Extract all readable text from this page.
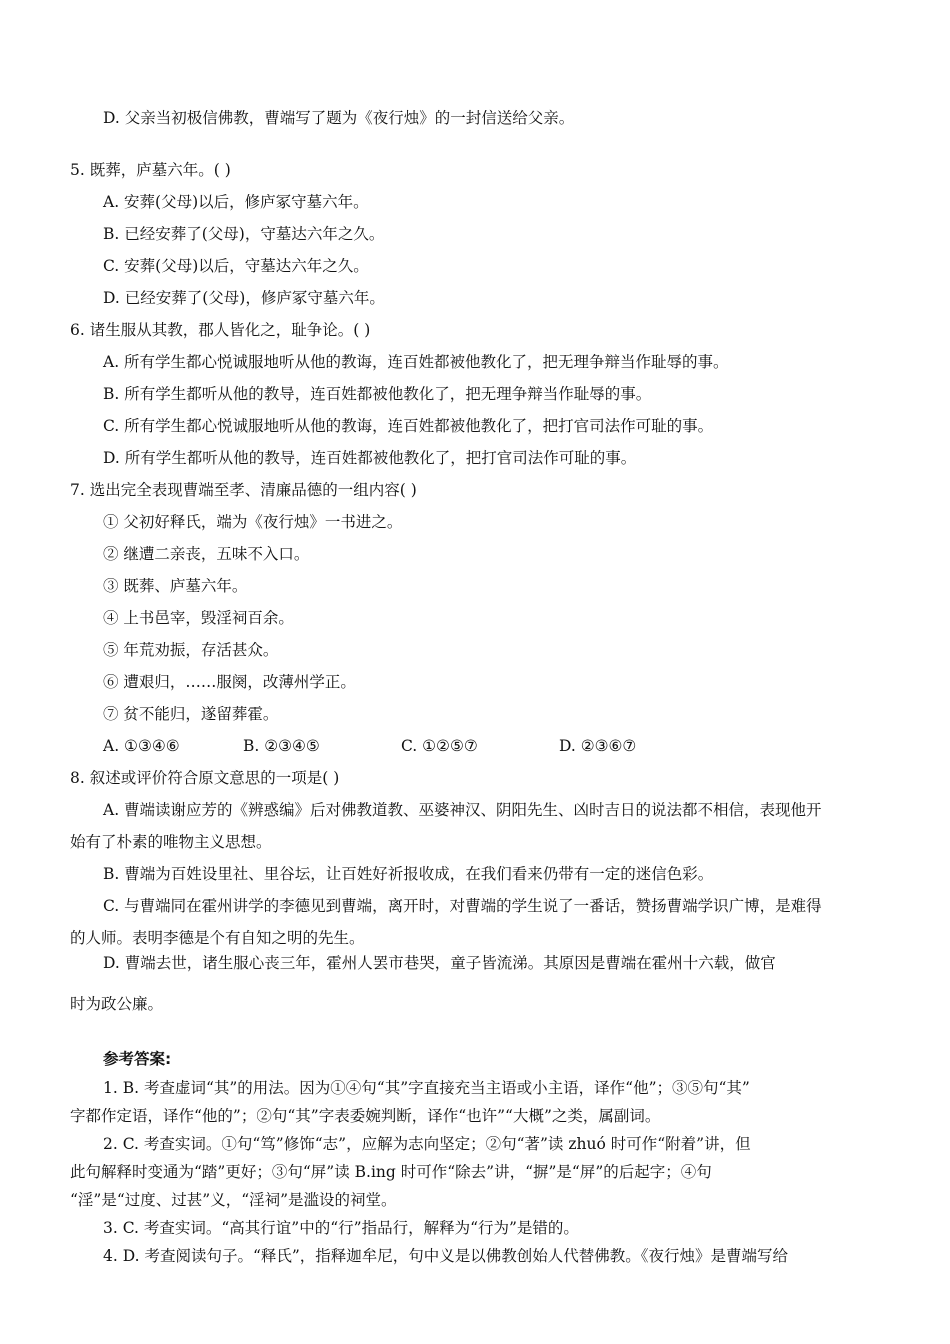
D. 父亲当初极信佛教，曹端写了题为《夜行烛》的一封信送给父亲。
5. 既葬，庐墓六年。( )
A. 安葬(父母)以后，修庐冢守墓六年。
B. 已经安葬了(父母)，守墓达六年之久。
C. 安葬(父母)以后，守墓达六年之久。
D. 已经安葬了(父母)，修庐冢守墓六年。
6. 诸生服从其教，郡人皆化之，耻争论。( )
A. 所有学生都心悦诚服地听从他的教诲，连百姓都被他教化了，把无理争辩当作耻辱的事。
B. 所有学生都听从他的教导，连百姓都被他教化了，把无理争辩当作耻辱的事。
C. 所有学生都心悦诚服地听从他的教诲，连百姓都被他教化了，把打官司法作可耻的事。
D. 所有学生都听从他的教导，连百姓都被他教化了，把打官司法作可耻的事。
7. 选出完全表现曹端至孝、清廉品德的一组内容( )
① 父初好释氏，端为《夜行烛》一书进之。
② 继遭二亲丧，五味不入口。
③ 既葬、庐墓六年。
④ 上书邑宰，毁淫祠百余。
⑤ 年荒劝振，存活甚众。
⑥ 遭艰归，……服阕，改薄州学正。
⑦ 贫不能归，遂留葬霍。
A. ①③④⑥	B. ②③④⑤	C. ①②⑤⑦	D. ②③⑥⑦
8. 叙述或评价符合原文意思的一项是( )
A. 曹端读谢应芳的《辨惑编》后对佛教道教、巫婆神汉、阴阳先生、凶时吉日的说法都不相信，表现他开
始有了朴素的唯物主义思想。
B. 曹端为百姓设里社、里谷坛，让百姓好祈报收成，在我们看来仍带有一定的迷信色彩。
C. 与曹端同在霍州讲学的李德见到曹端，离开时，对曹端的学生说了一番话，赞扬曹端学识广博，是难得
的人师。表明李德是个有自知之明的先生。
D. 曹端去世，诸生服心丧三年，霍州人罢市巷哭，童子皆流涕。其原因是曹端在霍州十六载，做官
时为政公廉。
参考答案:
1. B. 考查虚词“其”的用法。因为①④句“其”字直接充当主语或小主语，译作“他”；③⑤句“其”
字都作定语，译作“他的”；②句“其”字表委婉判断，译作“也许”“大概”之类，属副词。
2. C. 考查实词。①句“笃”修饰“志”，应解为志向坚定；②句“著”读 zhuó 时可作“附着”讲，但
此句解释时变通为“踏”更好；③句“屏”读 B.ing 时可作“除去”讲，“摒”是“屏”的后起字；④句
“淫”是“过度、过甚”义，“淫祠”是滥设的祠堂。
3. C. 考查实词。“高其行谊”中的“行”指品行，解释为“行为”是错的。
4. D. 考查阅读句子。“释氏”，指释迦牟尼，句中义是以佛教创始人代替佛教。《夜行烛》是曹端写给
